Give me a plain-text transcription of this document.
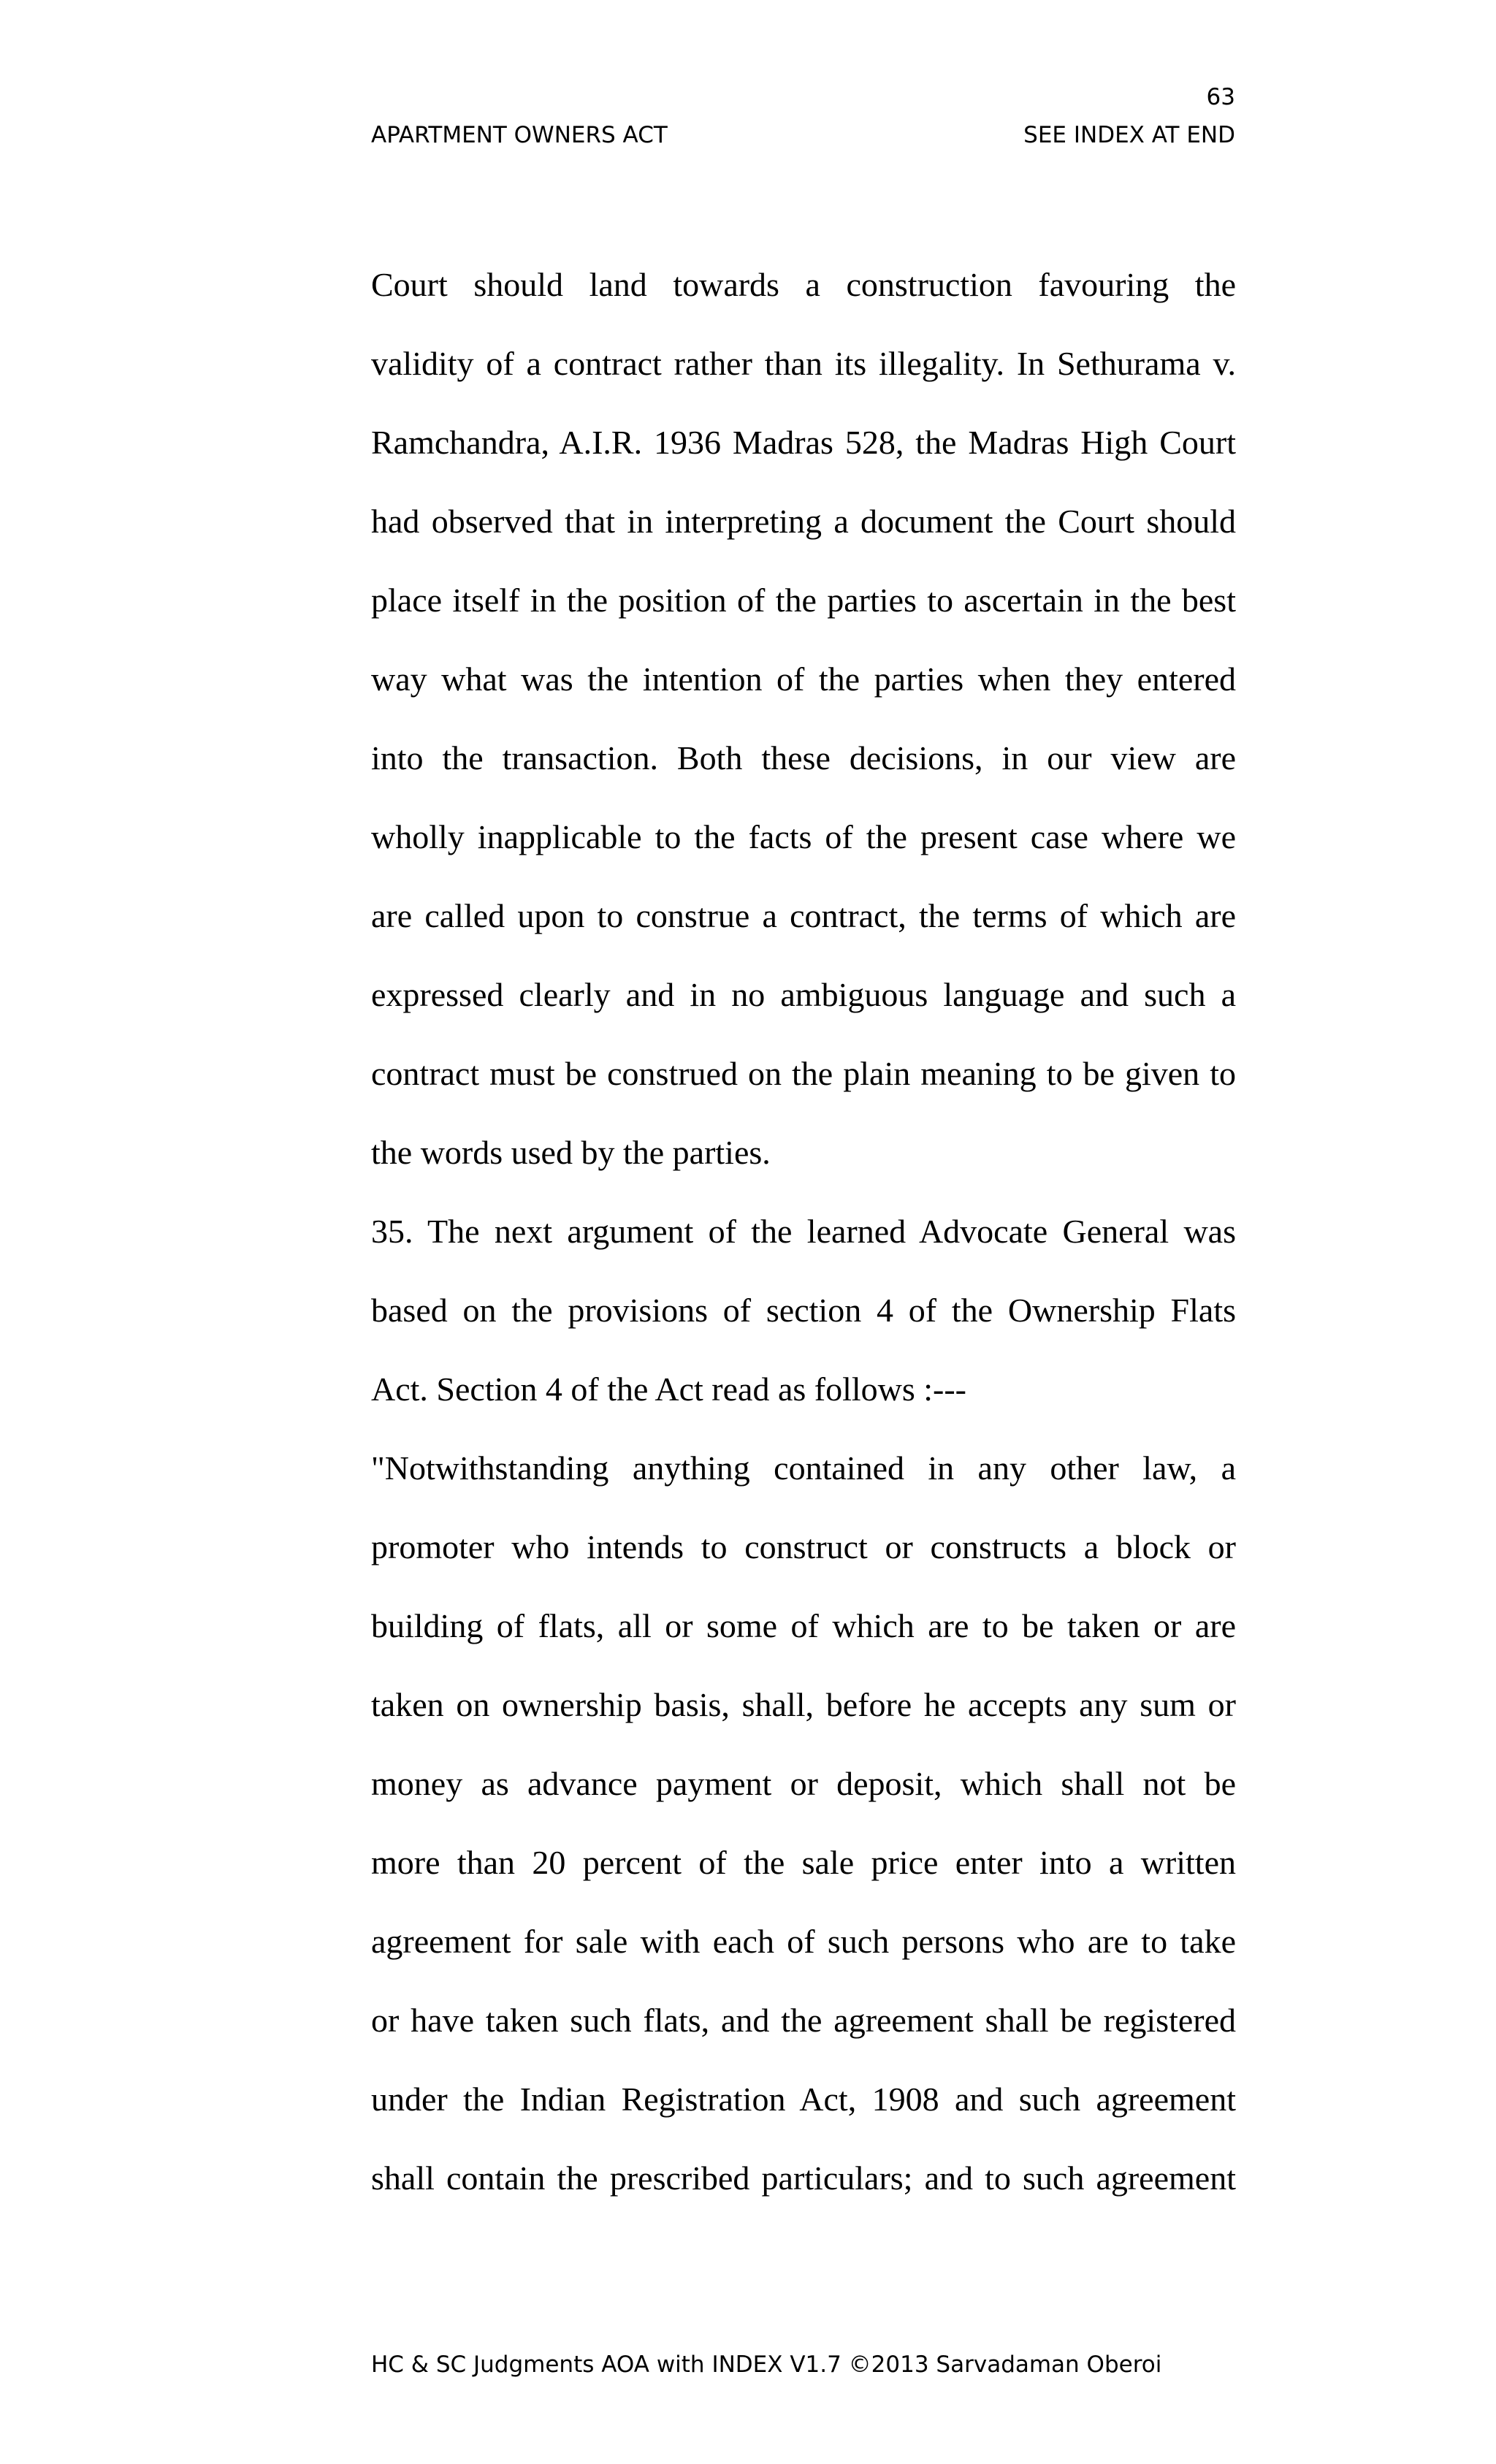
63
APARTMENT OWNERS ACT	SEE INDEX AT END
Court should land towards a construction favouring the
validity of a contract rather than its illegality. In Sethurama v.
Ramchandra, A.I.R. 1936 Madras 528, the Madras High Court
had observed that in interpreting a document the Court should
place itself in the position of the parties to ascertain in the best
way what was the intention of the parties when they entered
into the transaction. Both these decisions, in our view are
wholly inapplicable to the facts of the present case where we
are called upon to construe a contract, the terms of which are
expressed clearly and in no ambiguous language and such a
contract must be construed on the plain meaning to be given to
the words used by the parties.
35. The next argument of the learned Advocate General was
based on the provisions of section 4 of the Ownership Flats
Act. Section 4 of the Act read as follows :---
"Notwithstanding anything contained in any other law, a
promoter who intends to construct or constructs a block or
building of flats, all or some of which are to be taken or are
taken on ownership basis, shall, before he accepts any sum or
money as advance payment or deposit, which shall not be
more than 20 percent of the sale price enter into a written
agreement for sale with each of such persons who are to take
or have taken such flats, and the agreement shall be registered
under the Indian Registration Act, 1908 and such agreement
shall contain the prescribed particulars; and to such agreement
HC & SC Judgments AOA with INDEX V1.7 ©2013 Sarvadaman Oberoi
